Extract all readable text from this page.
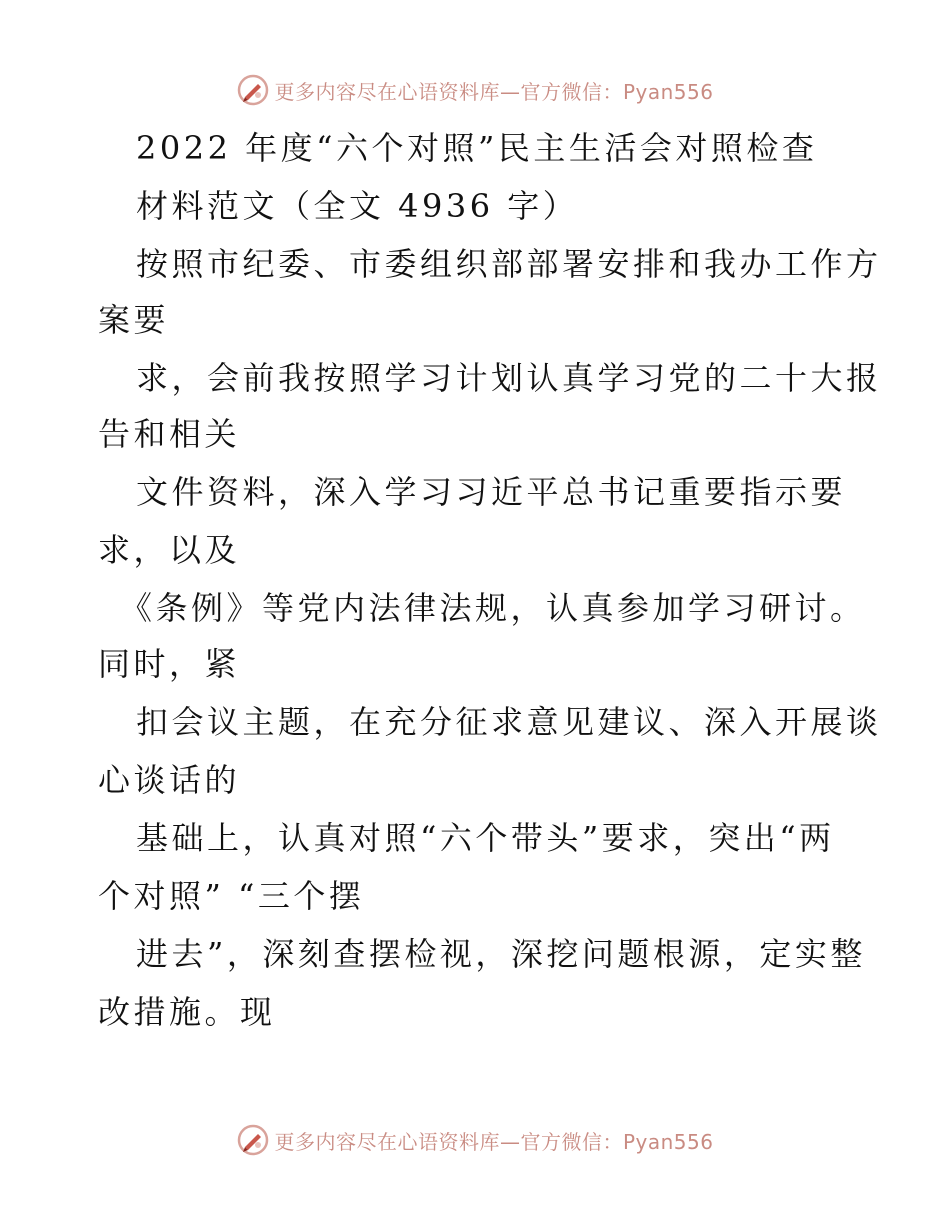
更多内容尽在心语资料库—官方微信：Pyan556
2022 年度“六个对照”民主生活会对照检查
材料范文（全文 4936 字）
按照市纪委、市委组织部部署安排和我办工作方
案要
求，会前我按照学习计划认真学习党的二十大报
告和相关
文件资料，深入学习习近平总书记重要指示要
求，以及
《条例》等党内法律法规，认真参加学习研讨。
同时，紧
扣会议主题，在充分征求意见建议、深入开展谈
心谈话的
基础上，认真对照“六个带头”要求，突出“两
个对照” “三个摆
进去”，深刻查摆检视，深挖问题根源，定实整
改措施。现
更多内容尽在心语资料库—官方微信：Pyan556
